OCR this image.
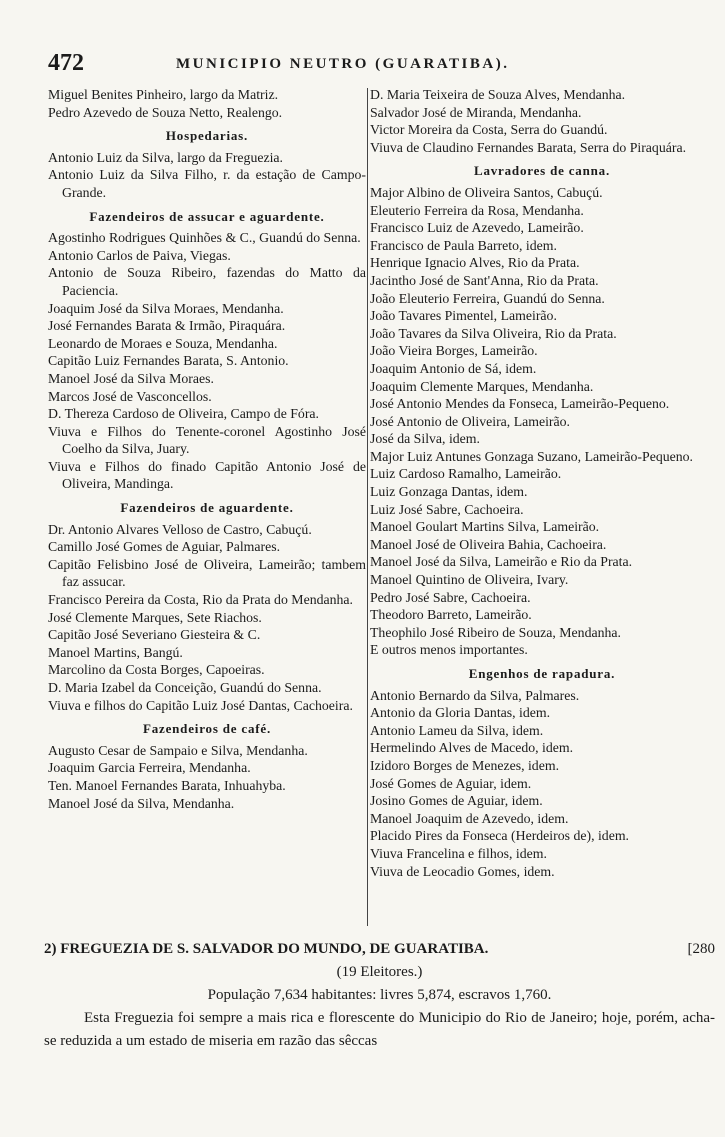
472	MUNICIPIO NEUTRO (GUARATIBA).
Miguel Benites Pinheiro, largo da Matriz.
Pedro Azevedo de Souza Netto, Realengo.
Hospedarias.
Antonio Luiz da Silva, largo da Freguezia.
Antonio Luiz da Silva Filho, r. da estação de Campo-Grande.
Fazendeiros de assucar e aguardente.
Agostinho Rodrigues Quinhões & C., Guandú do Senna.
Antonio Carlos de Paiva, Viegas.
Antonio de Souza Ribeiro, fazendas do Matto da Paciencia.
Joaquim José da Silva Moraes, Mendanha.
José Fernandes Barata & Irmão, Piraquára.
Leonardo de Moraes e Souza, Mendanha.
Capitão Luiz Fernandes Barata, S. Antonio.
Manoel José da Silva Moraes.
Marcos José de Vasconcellos.
D. Thereza Cardoso de Oliveira, Campo de Fóra.
Viuva e Filhos do Tenente-coronel Agostinho José Coelho da Silva, Juary.
Viuva e Filhos do finado Capitão Antonio José de Oliveira, Mandinga.
Fazendeiros de aguardente.
Dr. Antonio Alvares Velloso de Castro, Cabuçú.
Camillo José Gomes de Aguiar, Palmares.
Capitão Felisbino José de Oliveira, Lameirão; tambem faz assucar.
Francisco Pereira da Costa, Rio da Prata do Mendanha.
José Clemente Marques, Sete Riachos.
Capitão José Severiano Giesteira & C.
Manoel Martins, Bangú.
Marcolino da Costa Borges, Capoeiras.
D. Maria Izabel da Conceição, Guandú do Senna.
Viuva e filhos do Capitão Luiz José Dantas, Cachoeira.
Fazendeiros de café.
Augusto Cesar de Sampaio e Silva, Mendanha.
Joaquim Garcia Ferreira, Mendanha.
Ten. Manoel Fernandes Barata, Inhuahyba.
Manoel José da Silva, Mendanha.
D. Maria Teixeira de Souza Alves, Mendanha.
Salvador José de Miranda, Mendanha.
Victor Moreira da Costa, Serra do Guandú.
Viuva de Claudino Fernandes Barata, Serra do Piraquára.
Lavradores de canna.
Major Albino de Oliveira Santos, Cabuçú.
Eleuterio Ferreira da Rosa, Mendanha.
Francisco Luiz de Azevedo, Lameirão.
Francisco de Paula Barreto, idem.
Henrique Ignacio Alves, Rio da Prata.
Jacintho José de Sant'Anna, Rio da Prata.
João Eleuterio Ferreira, Guandú do Senna.
João Tavares Pimentel, Lameirão.
João Tavares da Silva Oliveira, Rio da Prata.
João Vieira Borges, Lameirão.
Joaquim Antonio de Sá, idem.
Joaquim Clemente Marques, Mendanha.
José Antonio Mendes da Fonseca, Lameirão-Pequeno.
José Antonio de Oliveira, Lameirão.
José da Silva, idem.
Major Luiz Antunes Gonzaga Suzano, Lameirão-Pequeno.
Luiz Cardoso Ramalho, Lameirão.
Luiz Gonzaga Dantas, idem.
Luiz José Sabre, Cachoeira.
Manoel Goulart Martins Silva, Lameirão.
Manoel José de Oliveira Bahia, Cachoeira.
Manoel José da Silva, Lameirão e Rio da Prata.
Manoel Quintino de Oliveira, Ivary.
Pedro José Sabre, Cachoeira.
Theodoro Barreto, Lameirão.
Theophilo José Ribeiro de Souza, Mendanha.
E outros menos importantes.
Engenhos de rapadura.
Antonio Bernardo da Silva, Palmares.
Antonio da Gloria Dantas, idem.
Antonio Lameu da Silva, idem.
Hermelindo Alves de Macedo, idem.
Izidoro Borges de Menezes, idem.
José Gomes de Aguiar, idem.
Josino Gomes de Aguiar, idem.
Manoel Joaquim de Azevedo, idem.
Placido Pires da Fonseca (Herdeiros de), idem.
Viuva Francelina e filhos, idem.
Viuva de Leocadio Gomes, idem.
[280
2) FREGUEZIA DE S. SALVADOR DO MUNDO, DE GUARATIBA.
(19 Eleitores.)
População 7,634 habitantes: livres 5,874, escravos 1,760.
Esta Freguezia foi sempre a mais rica e florescente do Municipio do Rio de Janeiro; hoje, porém, acha-se reduzida a um estado de miseria em razão das sêccas
